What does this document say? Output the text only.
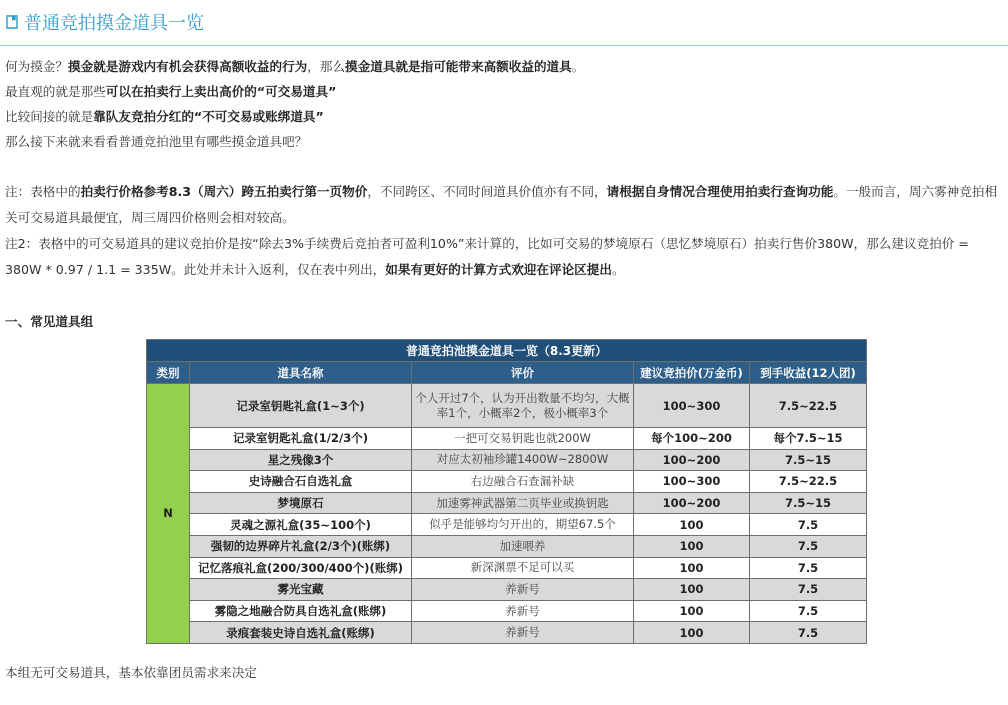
普通竞拍摸金道具一览
何为摸金？摸金就是游戏内有机会获得高额收益的行为，那么摸金道具就是指可能带来高额收益的道具。
最直观的就是那些可以在拍卖行上卖出高价的“可交易道具”
比较间接的就是靠队友竞拍分红的“不可交易或账绑道具”
那么接下来就来看看普通竞拍池里有哪些摸金道具吧？
注：表格中的拍卖行价格参考8.3（周六）跨五拍卖行第一页物价，不同跨区、不同时间道具价值亦有不同，请根据自身情况合理使用拍卖行查询功能。一般而言，周六雾神竞拍相关可交易道具最便宜，周三周四价格则会相对较高。
注2：表格中的可交易道具的建议竞拍价是按“除去3%手续费后竞拍者可盈利10%”来计算的，比如可交易的梦境原石（思忆梦境原石）拍卖行售价380W，那么建议竞拍价 = 380W * 0.97 / 1.1 = 335W。此处并未计入返利，仅在表中列出，如果有更好的计算方式欢迎在评论区提出。
一、常见道具组
普通竞拍池摸金道具一览（8.3更新）				
类别	道具名称	评价	建议竞拍价(万金币)	到手收益(12人团)
N	记录室钥匙礼盒(1~3个)	个人开过7个，认为开出数量不均匀，大概率1个，小概率2个，极小概率3个	100~300	7.5~22.5
	记录室钥匙礼盒(1/2/3个)	一把可交易钥匙也就200W	每个100~200	每个7.5~15
	星之残像3个	对应太初袖珍罐1400W~2800W	100~200	7.5~15
	史诗融合石自选礼盒	右边融合石查漏补缺	100~300	7.5~22.5
	梦境原石	加速雾神武器第二页毕业或换钥匙	100~200	7.5~15
	灵魂之源礼盒(35~100个)	似乎是能够均匀开出的，期望67.5个	100	7.5
	强韧的边界碎片礼盒(2/3个)(账绑)	加速喂养	100	7.5
	记忆落痕礼盒(200/300/400个)(账绑)	新深渊票不足可以买	100	7.5
	雾光宝藏	养新号	100	7.5
	雾隐之地融合防具自选礼盒(账绑)	养新号	100	7.5
	录痕套装史诗自选礼盒(账绑)	养新号	100	7.5
本组无可交易道具，基本依靠团员需求来决定
